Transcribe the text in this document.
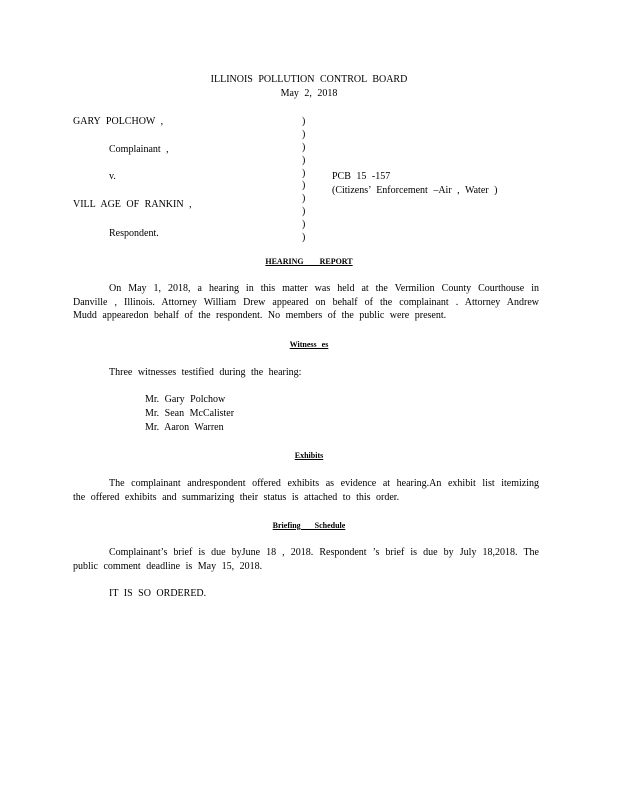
ILLINOIS POLLUTION CONTROL BOARD
May 2, 2018
GARY POLCHOW ,
Complainant ,
v.
VILL AGE OF RANKIN ,
Respondent.
)
)
)
)
)
)
)
)
)
)
PCB 15 -157
(Citizens’ Enforcement –Air , Water )
HEARING REPORT
On May 1, 2018, a hearing in this matter was held at the Vermilion County Courthouse in Danville , Illinois. Attorney William Drew appeared on behalf of the complainant . Attorney Andrew Mudd appearedon behalf of the respondent. No members of the public were present.
Witness es
Three witnesses testified during the hearing:
Mr. Gary Polchow
Mr. Sean McCalister
Mr. Aaron Warren
Exhibits
The complainant andrespondent offered exhibits as evidence at hearing.An exhibit list itemizing the offered exhibits and summarizing their status is attached to this order.
Briefing Schedule
Complainant’s brief is due byJune 18 , 2018. Respondent ’s brief is due by July 18,2018. The public comment deadline is May 15, 2018.
IT IS SO ORDERED.
